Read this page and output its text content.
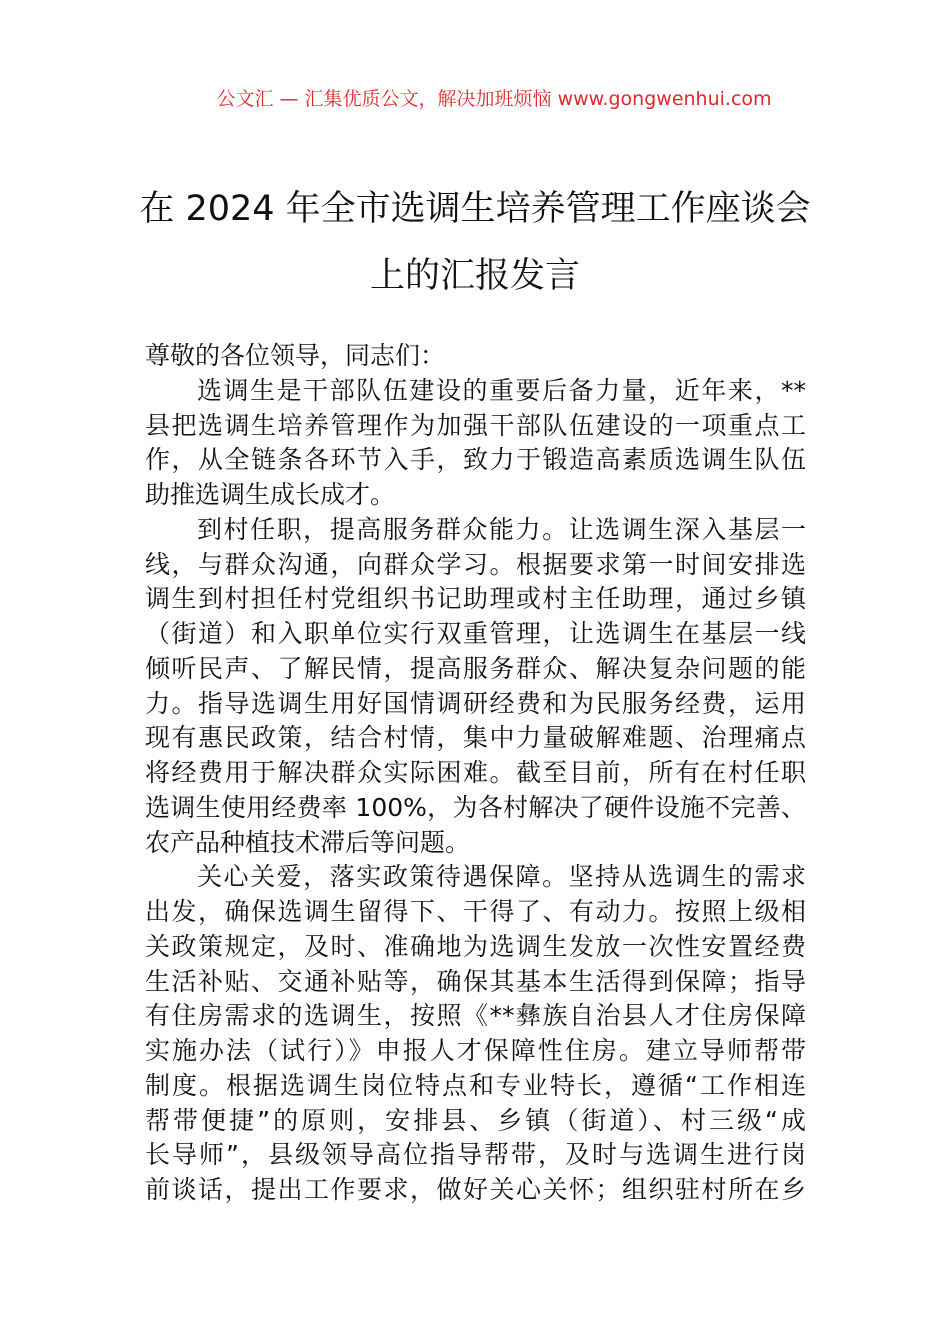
公文汇 — 汇集优质公文，解决加班烦恼 www.gongwenhui.com
在 2024 年全市选调生培养管理工作座谈会
上的汇报发言
尊敬的各位领导，同志们：
选调生是干部队伍建设的重要后备力量，近年来，**
县把选调生培养管理作为加强干部队伍建设的一项重点工
作，从全链条各环节入手，致力于锻造高素质选调生队伍
助推选调生成长成才。
到村任职，提高服务群众能力。让选调生深入基层一
线，与群众沟通，向群众学习。根据要求第一时间安排选
调生到村担任村党组织书记助理或村主任助理，通过乡镇
（街道）和入职单位实行双重管理，让选调生在基层一线
倾听民声、了解民情，提高服务群众、解决复杂问题的能
力。指导选调生用好国情调研经费和为民服务经费，运用
现有惠民政策，结合村情，集中力量破解难题、治理痛点
将经费用于解决群众实际困难。截至目前，所有在村任职
选调生使用经费率 100%，为各村解决了硬件设施不完善、
农产品种植技术滞后等问题。
关心关爱，落实政策待遇保障。坚持从选调生的需求
出发，确保选调生留得下、干得了、有动力。按照上级相
关政策规定，及时、准确地为选调生发放一次性安置经费
生活补贴、交通补贴等，确保其基本生活得到保障；指导
有住房需求的选调生，按照《**彝族自治县人才住房保障
实施办法（试行）》申报人才保障性住房。建立导师帮带
制度。根据选调生岗位特点和专业特长，遵循“工作相连
帮带便捷”的原则，安排县、乡镇（街道）、村三级“成
长导师”，县级领导高位指导帮带，及时与选调生进行岗
前谈话，提出工作要求，做好关心关怀；组织驻村所在乡
